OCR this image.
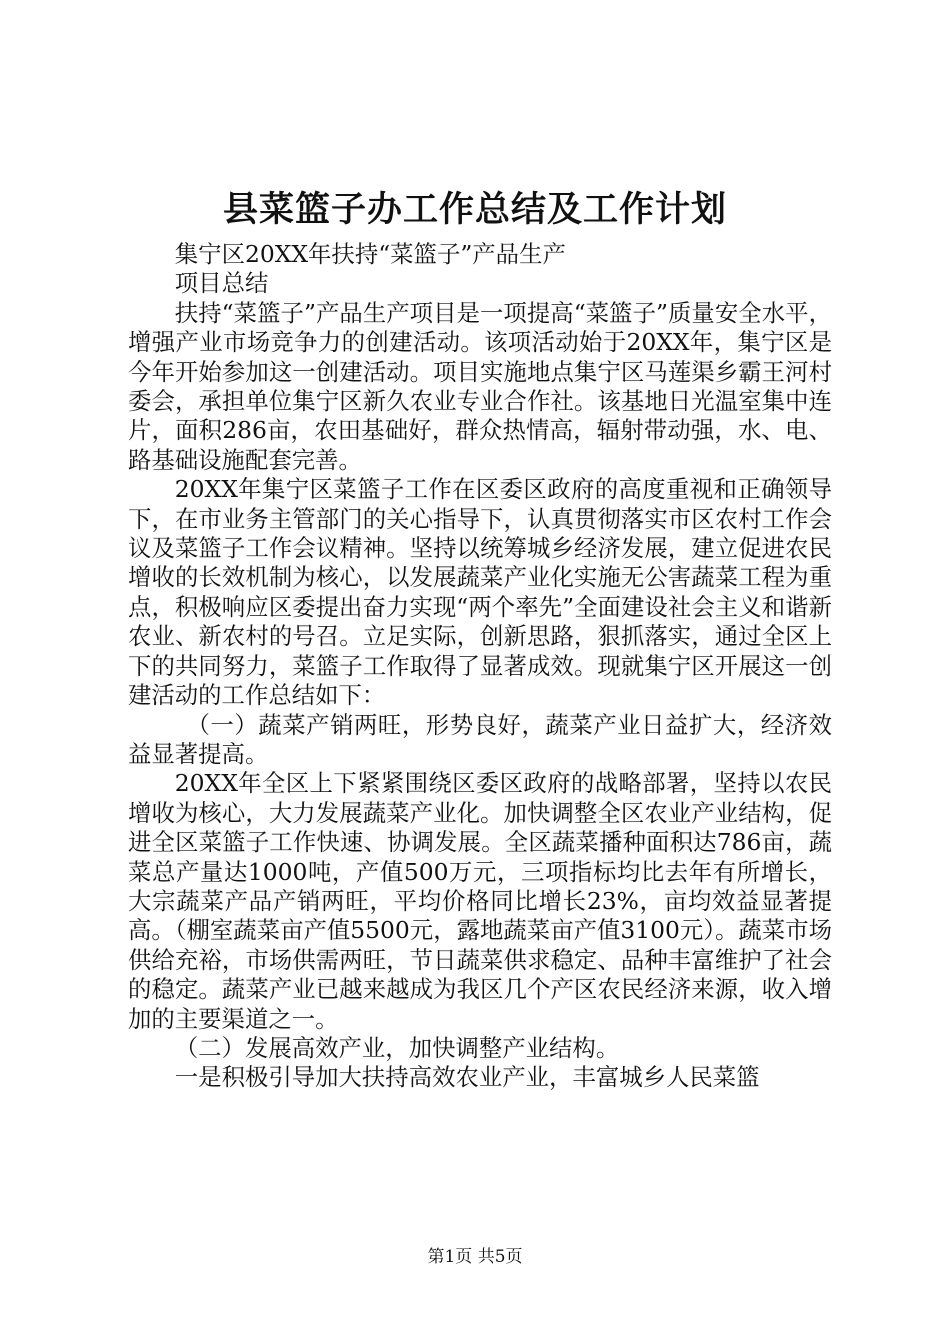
县菜篮子办工作总结及工作计划

集宁区20XX年扶持“菜篮子”产品生产

项目总结

扶持“菜篮子”产品生产项目是一项提高“菜篮子”质量安全水平，增强产业市场竞争力的创建活动。该项活动始于20XX年，集宁区是今年开始参加这一创建活动。项目实施地点集宁区马莲渠乡霸王河村委会，承担单位集宁区新久农业专业合作社。该基地日光温室集中连片，面积286亩，农田基础好，群众热情高，辐射带动强，水、电、路基础设施配套完善。

20XX年集宁区菜篮子工作在区委区政府的高度重视和正确领导下，在市业务主管部门的关心指导下，认真贯彻落实市区农村工作会议及菜篮子工作会议精神。坚持以统筹城乡经济发展，建立促进农民增收的长效机制为核心，以发展蔬菜产业化实施无公害蔬菜工程为重点，积极响应区委提出奋力实现“两个率先”全面建设社会主义和谐新农业、新农村的号召。立足实际，创新思路，狠抓落实，通过全区上下的共同努力，菜篮子工作取得了显著成效。现就集宁区开展这一创建活动的工作总结如下：

（一）蔬菜产销两旺，形势良好，蔬菜产业日益扩大，经济效益显著提高。

20XX年全区上下紧紧围绕区委区政府的战略部署，坚持以农民增收为核心，大力发展蔬菜产业化。加快调整全区农业产业结构，促进全区菜篮子工作快速、协调发展。全区蔬菜播种面积达786亩，蔬菜总产量达1000吨，产值500万元，三项指标均比去年有所增长，大宗蔬菜产品产销两旺，平均价格同比增长23%，亩均效益显著提高。（棚室蔬菜亩产值5500元，露地蔬菜亩产值3100元）。蔬菜市场供给充裕，市场供需两旺，节日蔬菜供求稳定、品种丰富维护了社会的稳定。蔬菜产业已越来越成为我区几个产区农民经济来源，收入增加的主要渠道之一。

（二）发展高效产业，加快调整产业结构。

一是积极引导加大扶持高效农业产业，丰富城乡人民菜篮

第1页 共5页
